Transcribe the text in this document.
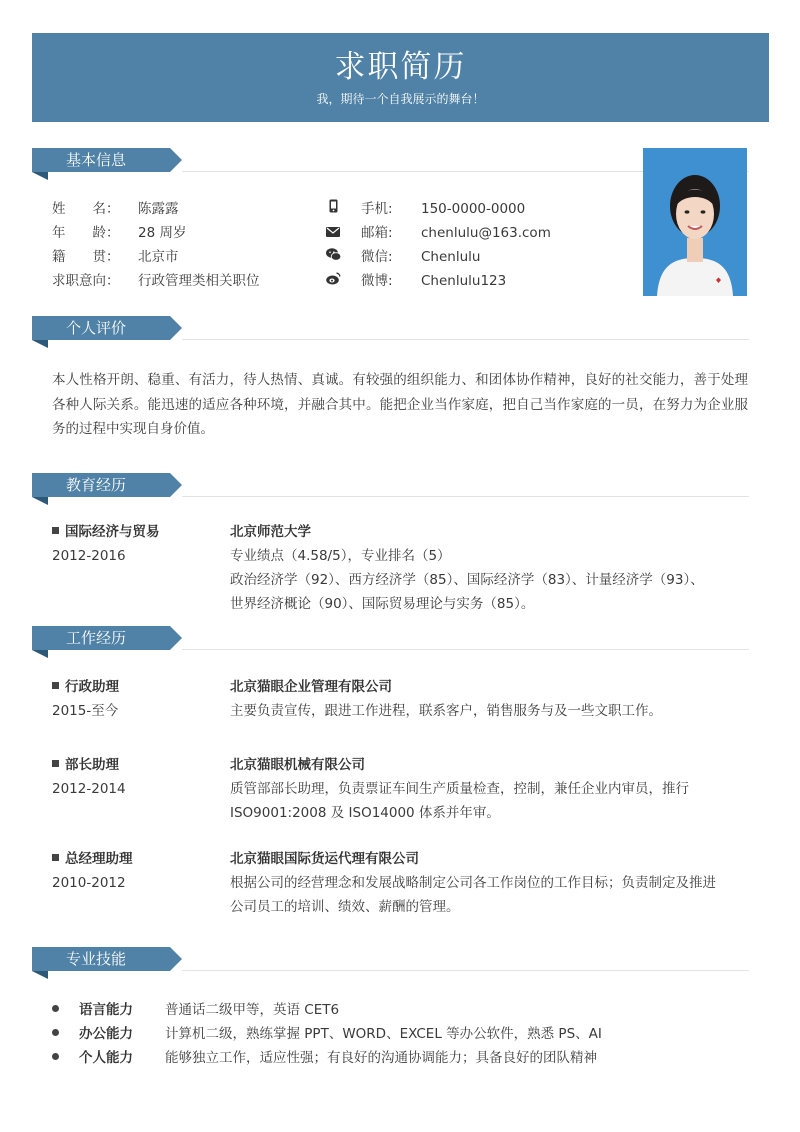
求职简历
我，期待一个自我展示的舞台！
基本信息
姓　　名： 陈露露
年　　龄： 28 周岁
籍　　贯： 北京市
求职意向： 行政管理类相关职位
手机: 150-0000-0000
邮箱: chenlulu@163.com
微信: Chenlulu
微博: Chenlulu123
个人评价
本人性格开朗、稳重、有活力，待人热情、真诚。有较强的组织能力、和团体协作精神，良好的社交能力，善于处理各种人际关系。能迅速的适应各种环境，并融合其中。能把企业当作家庭，把自己当作家庭的一员，在努力为企业服务的过程中实现自身价值。
教育经历
国际经济与贸易
2012-2016
北京师范大学
专业绩点（4.58/5），专业排名（5）
政治经济学（92）、西方经济学（85）、国际经济学（83）、计量经济学（93）、
世界经济概论（90）、国际贸易理论与实务（85）。
工作经历
行政助理
2015-至今
北京猫眼企业管理有限公司
主要负责宣传，跟进工作进程，联系客户，销售服务与及一些文职工作。
部长助理
2012-2014
北京猫眼机械有限公司
质管部部长助理，负责票证车间生产质量检查，控制，兼任企业内审员，推行
ISO9001:2008 及 ISO14000 体系并年审。
总经理助理
2010-2012
北京猫眼国际货运代理有限公司
根据公司的经营理念和发展战略制定公司各工作岗位的工作目标；负责制定及推进
公司员工的培训、绩效、薪酬的管理。
专业技能
语言能力 普通话二级甲等，英语 CET6
办公能力 计算机二级，熟练掌握 PPT、WORD、EXCEL 等办公软件，熟悉 PS、AI
个人能力 能够独立工作，适应性强；有良好的沟通协调能力；具备良好的团队精神
